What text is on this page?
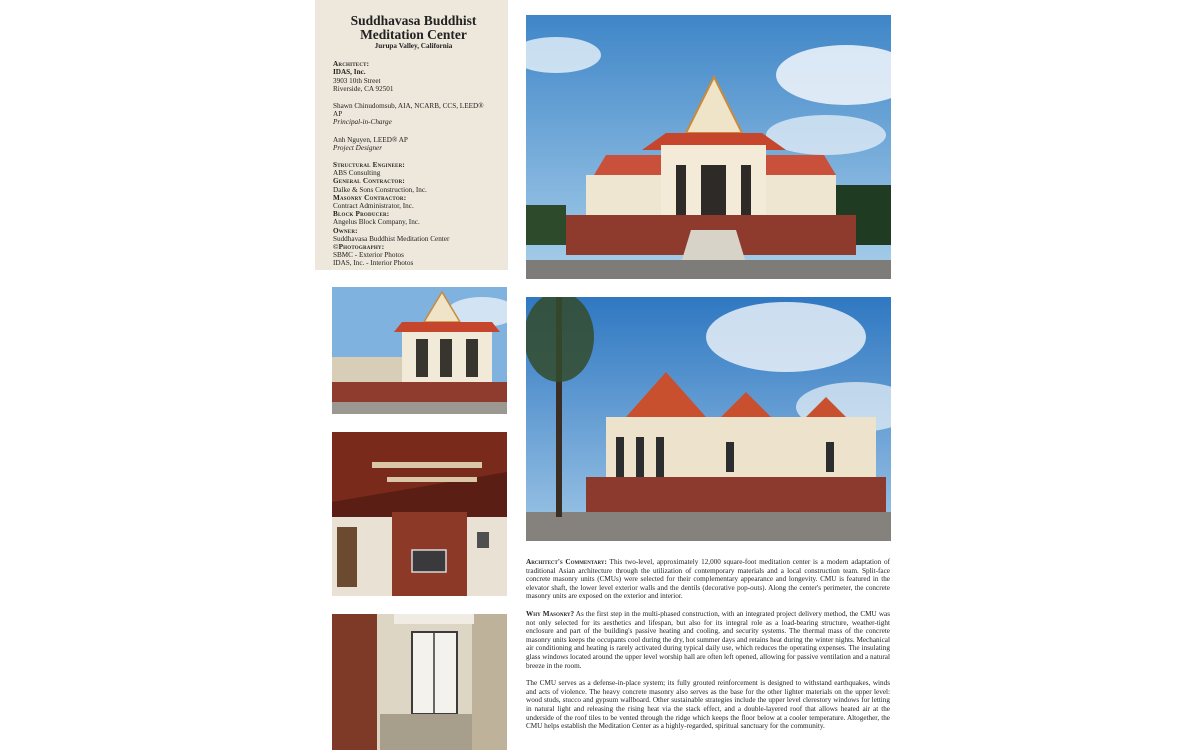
Suddhavasa Buddhist
Meditation Center
Jurupa Valley, California
Architect:
IDAS, Inc.
3903 10th Street
Riverside, CA 92501
Shawn Chinudomsub, AIA, NCARB, CCS, LEED® AP
Principal-in-Charge
Anh Nguyen, LEED® AP
Project Designer
Structural Engineer:
ABS Consulting
General Contractor:
Dalke & Sons Construction, Inc.
Masonry Contractor:
Contract Administrator, Inc.
Block Producer:
Angelus Block Company, Inc.
Owner:
Suddhavasa Buddhist Meditation Center
©Photography:
SBMC - Exterior Photos
IDAS, Inc. - Interior Photos

Architect's Commentary: This two-level, approximately 12,000 square-foot meditation center is a modern adaptation of traditional Asian architecture through the utilization of contemporary materials and a local construction team. Split-face concrete masonry units (CMUs) were selected for their complementary appearance and longevity. CMU is featured in the elevator shaft, the lower level exterior walls and the dentils (decorative pop-outs). Along the center's perimeter, the concrete masonry units are exposed on the exterior and interior.

Why Masonry? As the first step in the multi-phased construction, with an integrated project delivery method, the CMU was not only selected for its aesthetics and lifespan, but also for its integral role as a load-bearing structure, weather-tight enclosure and part of the building's passive heating and cooling, and security systems. The thermal mass of the concrete masonry units keeps the occupants cool during the dry, hot summer days and retains heat during the winter nights. Mechanical air conditioning and heating is rarely activated during typical daily use, which reduces the operating expenses. The insulating glass windows located around the upper level worship hall are often left opened, allowing for passive ventilation and a natural breeze in the room.

The CMU serves as a defense-in-place system; its fully grouted reinforcement is designed to withstand earthquakes, winds and acts of violence. The heavy concrete masonry also serves as the base for the other lighter materials on the upper level: wood studs, stucco and gypsum wallboard. Other sustainable strategies include the upper level clerestory windows for letting in natural light and releasing the rising heat via the stack effect, and a double-layered roof that allows heated air at the underside of the roof tiles to be vented through the ridge which keeps the floor below at a cooler temperature. Altogether, the CMU helps establish the Meditation Center as a highly-regarded, spiritual sanctuary for the community.
